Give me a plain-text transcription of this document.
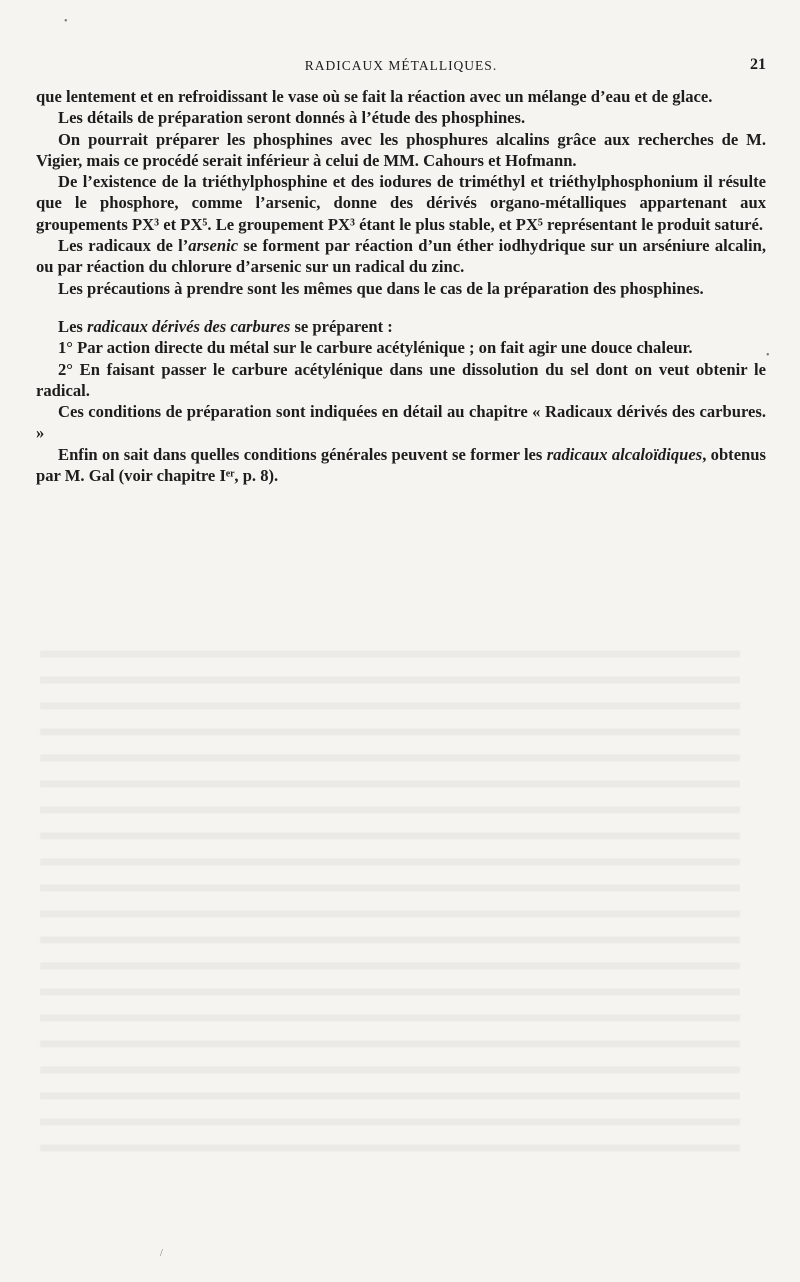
RADICAUX MÉTALLIQUES.	21

que lentement et en refroidissant le vase où se fait la réaction avec un mélange d’eau et de glace.

Les détails de préparation seront donnés à l’étude des phosphines.

On pourrait préparer les phosphines avec les phosphures alcalins grâce aux recherches de M. Vigier, mais ce procédé serait inférieur à celui de MM. Cahours et Hofmann.

De l’existence de la triéthylphosphine et des iodures de triméthyl et triéthylphosphonium il résulte que le phosphore, comme l’arsenic, donne des dérivés organo-métalliques appartenant aux groupements PX³ et PX⁵. Le groupement PX³ étant le plus stable, et PX⁵ représentant le produit saturé.

Les radicaux de l’arsenic se forment par réaction d’un éther iodhydrique sur un arséniure alcalin, ou par réaction du chlorure d’arsenic sur un radical du zinc.

Les précautions à prendre sont les mêmes que dans le cas de la préparation des phosphines.

Les radicaux dérivés des carbures se préparent :

1° Par action directe du métal sur le carbure acétylénique ; on fait agir une douce chaleur.

2° En faisant passer le carbure acétylénique dans une dissolution du sel dont on veut obtenir le radical.

Ces conditions de préparation sont indiquées en détail au chapitre « Radicaux dérivés des carbures. »

Enfin on sait dans quelles conditions générales peuvent se former les radicaux alcaloïdiques, obtenus par M. Gal (voir chapitre Iᵉʳ, p. 8).

•
•
/
